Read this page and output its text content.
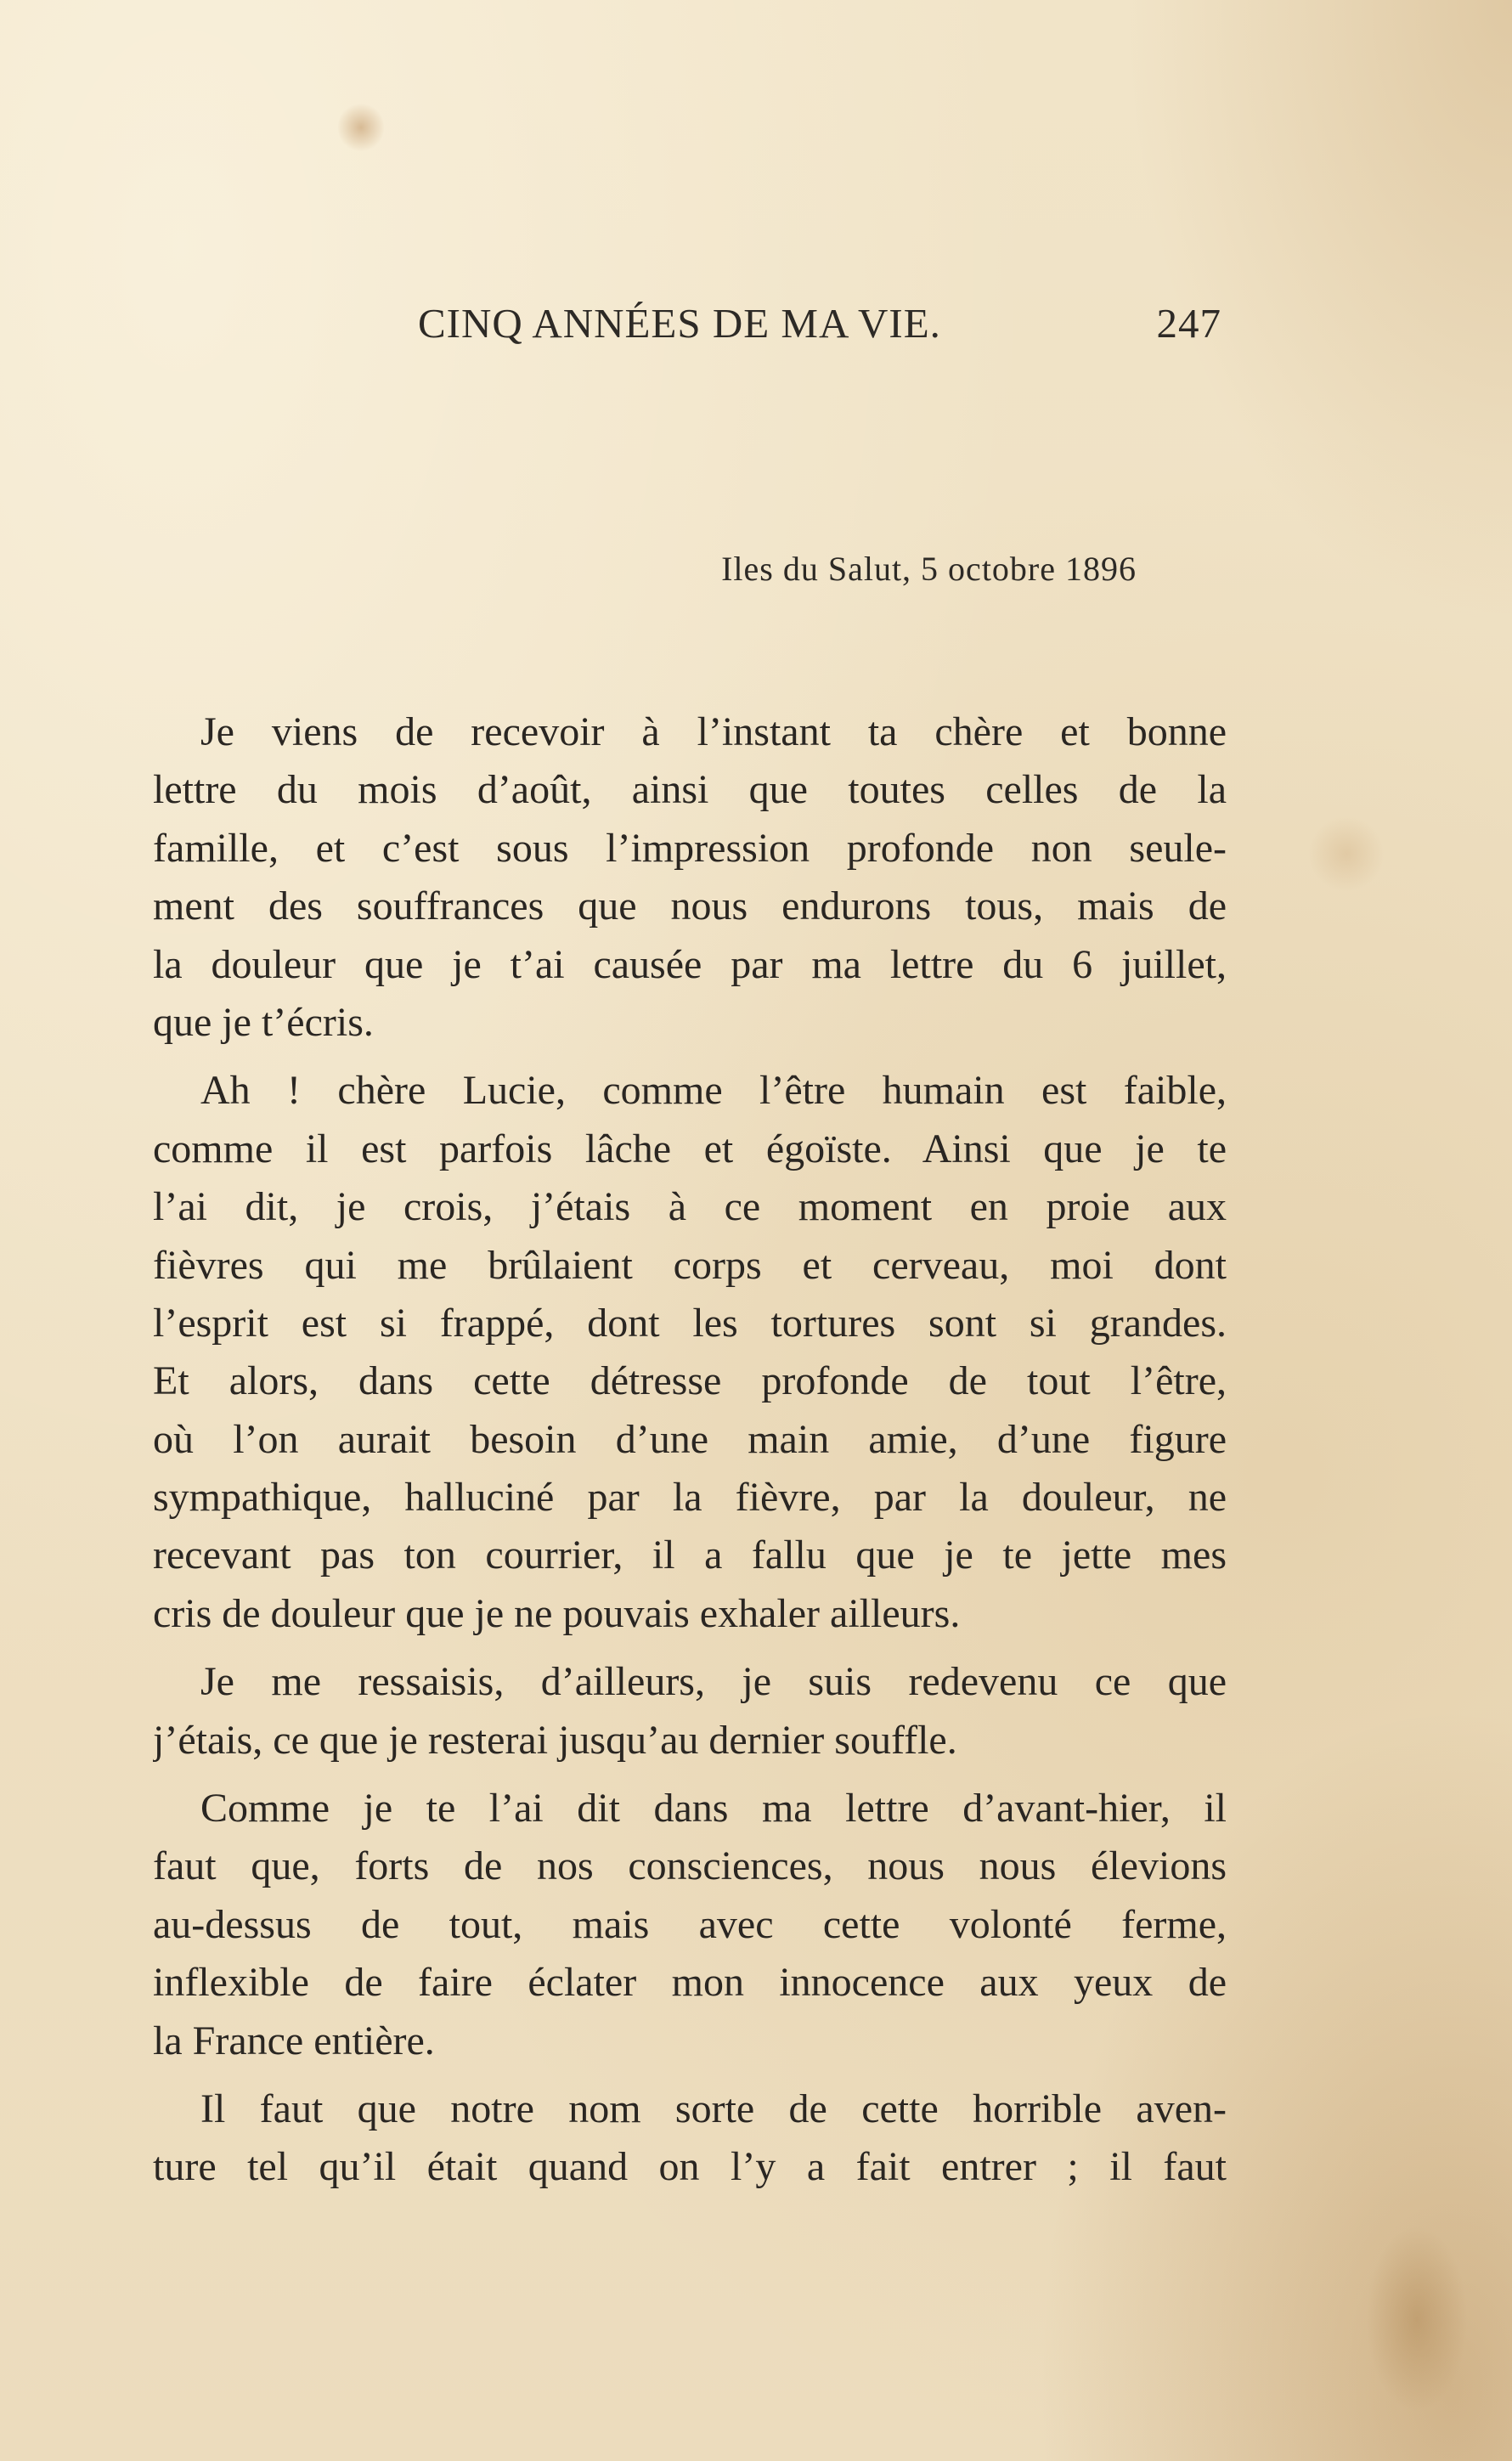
CINQ ANNÉES DE MA VIE.	247
Iles du Salut, 5 octobre 1896
Je viens de recevoir à l’instant ta chère et bonne
lettre du mois d’août, ainsi que toutes celles de la
famille, et c’est sous l’impression profonde non seule-
ment des souffrances que nous endurons tous, mais de
la douleur que je t’ai causée par ma lettre du 6 juillet,
que je t’écris.
Ah ! chère Lucie, comme l’être humain est faible,
comme il est parfois lâche et égoïste. Ainsi que je te
l’ai dit, je crois, j’étais à ce moment en proie aux
fièvres qui me brûlaient corps et cerveau, moi dont
l’esprit est si frappé, dont les tortures sont si grandes.
Et alors, dans cette détresse profonde de tout l’être,
où l’on aurait besoin d’une main amie, d’une figure
sympathique, halluciné par la fièvre, par la douleur, ne
recevant pas ton courrier, il a fallu que je te jette mes
cris de douleur que je ne pouvais exhaler ailleurs.
Je me ressaisis, d’ailleurs, je suis redevenu ce que
j’étais, ce que je resterai jusqu’au dernier souffle.
Comme je te l’ai dit dans ma lettre d’avant-hier, il
faut que, forts de nos consciences, nous nous élevions
au-dessus de tout, mais avec cette volonté ferme,
inflexible de faire éclater mon innocence aux yeux de
la France entière.
Il faut que notre nom sorte de cette horrible aven-
ture tel qu’il était quand on l’y a fait entrer ; il faut
